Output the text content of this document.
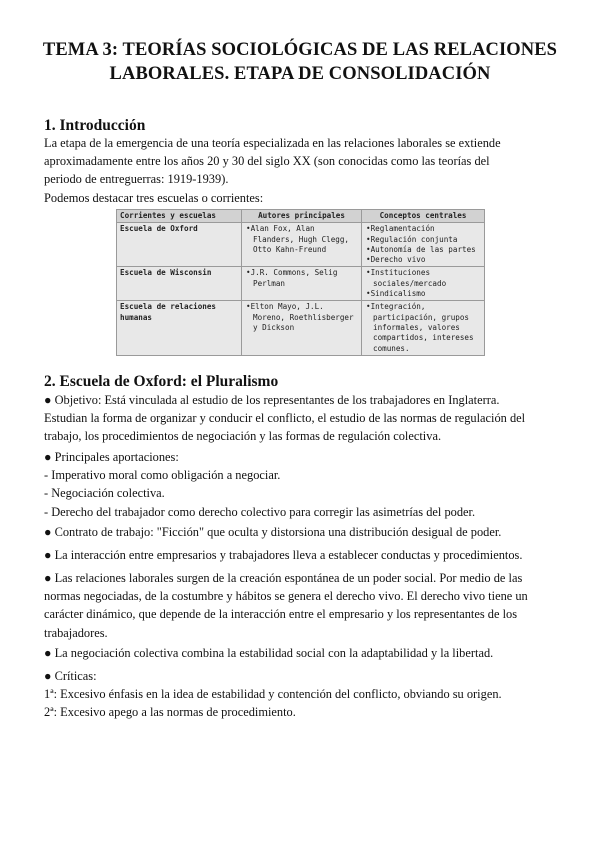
TEMA 3: TEORÍAS SOCIOLÓGICAS DE LAS RELACIONES
LABORALES. ETAPA DE CONSOLIDACIÓN
1. Introducción
La etapa de la emergencia de una teoría especializada en las relaciones laborales se extiende
aproximadamente entre los años 20 y 30 del siglo XX (son conocidas como las teorías del
periodo de entreguerras: 1919-1939).
Podemos destacar tres escuelas o corrientes:
Corrientes y escuelas	Autores principales	Conceptos centrales
Escuela de Oxford	•Alan Fox, Alan Flanders, Hugh Clegg, Otto Kahn-Freund	•Reglamentación
•Regulación conjunta
•Autonomía de las partes
•Derecho vivo

Escuela de Wisconsin	•J.R. Commons, Selig Perlman	•Instituciones sociales/mercado
•Sindicalismo

Escuela de relaciones humanas	•Elton Mayo, J.L. Moreno, Roethlisberger y Dickson	•Integración, participación, grupos informales, valores compartidos, intereses comunes.
2. Escuela de Oxford: el Pluralismo
● Objetivo: Está vinculada al estudio de los representantes de los trabajadores en Inglaterra.
Estudian la forma de organizar y conducir el conflicto, el estudio de las normas de regulación del
trabajo, los procedimientos de negociación y las formas de regulación colectiva.
● Principales aportaciones:
- Imperativo moral como obligación a negociar.
- Negociación colectiva.
- Derecho del trabajador como derecho colectivo para corregir las asimetrías del poder.
● Contrato de trabajo: "Ficción" que oculta y distorsiona una distribución desigual de poder.
● La interacción entre empresarios y trabajadores lleva a establecer conductas y procedimientos.
● Las relaciones laborales surgen de la creación espontánea de un poder social. Por medio de las
normas negociadas, de la costumbre y hábitos se genera el derecho vivo. El derecho vivo tiene un
carácter dinámico, que depende de la interacción entre el empresario y los representantes de los
trabajadores.
● La negociación colectiva combina la estabilidad social con la adaptabilidad y la libertad.
● Críticas:
1ª: Excesivo énfasis en la idea de estabilidad y contención del conflicto, obviando su origen.
2ª: Excesivo apego a las normas de procedimiento.
